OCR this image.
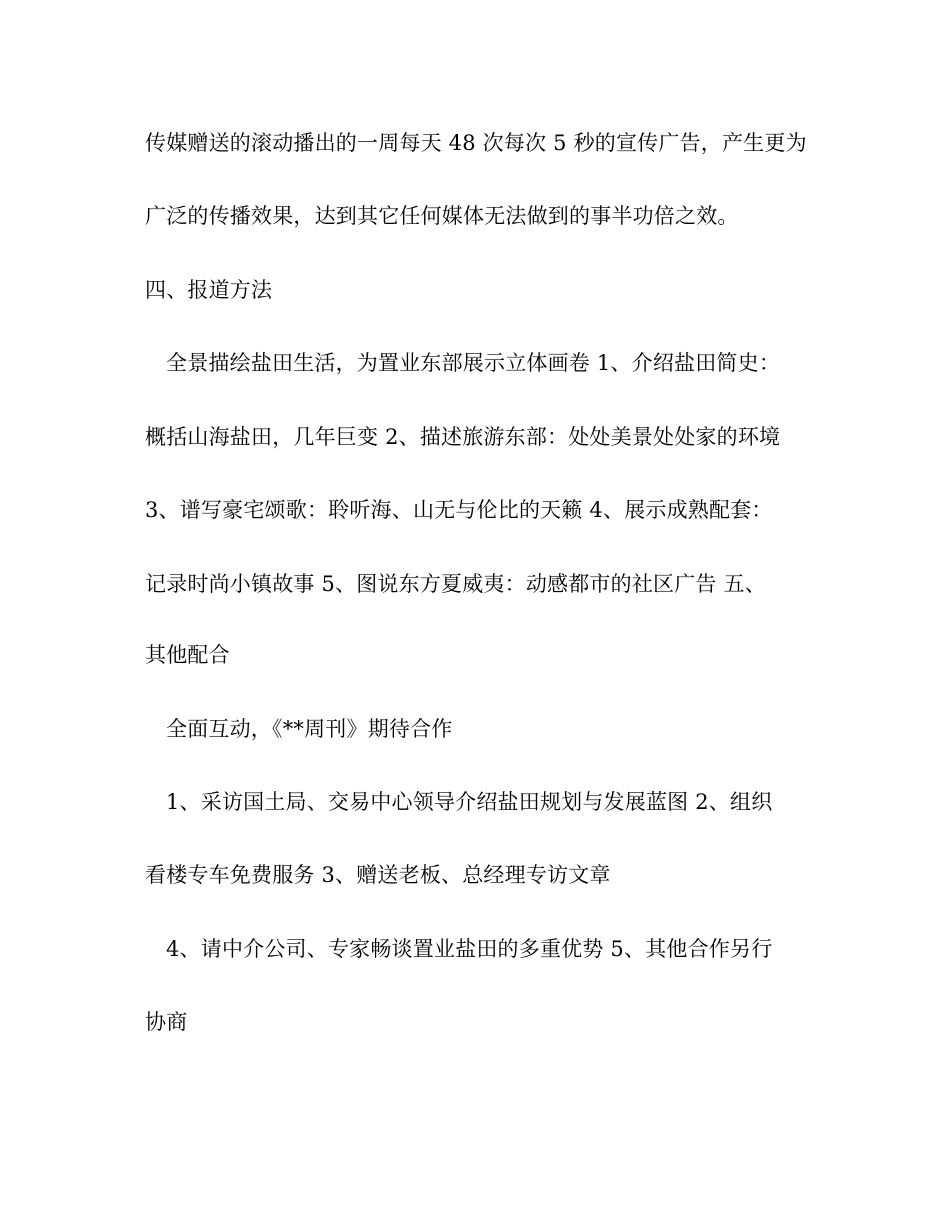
传媒赠送的滚动播出的一周每天 48 次每次 5 秒的宣传广告，产生更为
广泛的传播效果，达到其它任何媒体无法做到的事半功倍之效。
四、报道方法
全景描绘盐田生活，为置业东部展示立体画卷 1、介绍盐田简史：
概括山海盐田，几年巨变 2、描述旅游东部：处处美景处处家的环境
3、谱写豪宅颂歌：聆听海、山无与伦比的天籁 4、展示成熟配套：
记录时尚小镇故事 5、图说东方夏威夷：动感都市的社区广告 五、
其他配合
全面互动，《**周刊》期待合作
1、采访国土局、交易中心领导介绍盐田规划与发展蓝图 2、组织
看楼专车免费服务 3、赠送老板、总经理专访文章
4、请中介公司、专家畅谈置业盐田的多重优势 5、其他合作另行
协商
